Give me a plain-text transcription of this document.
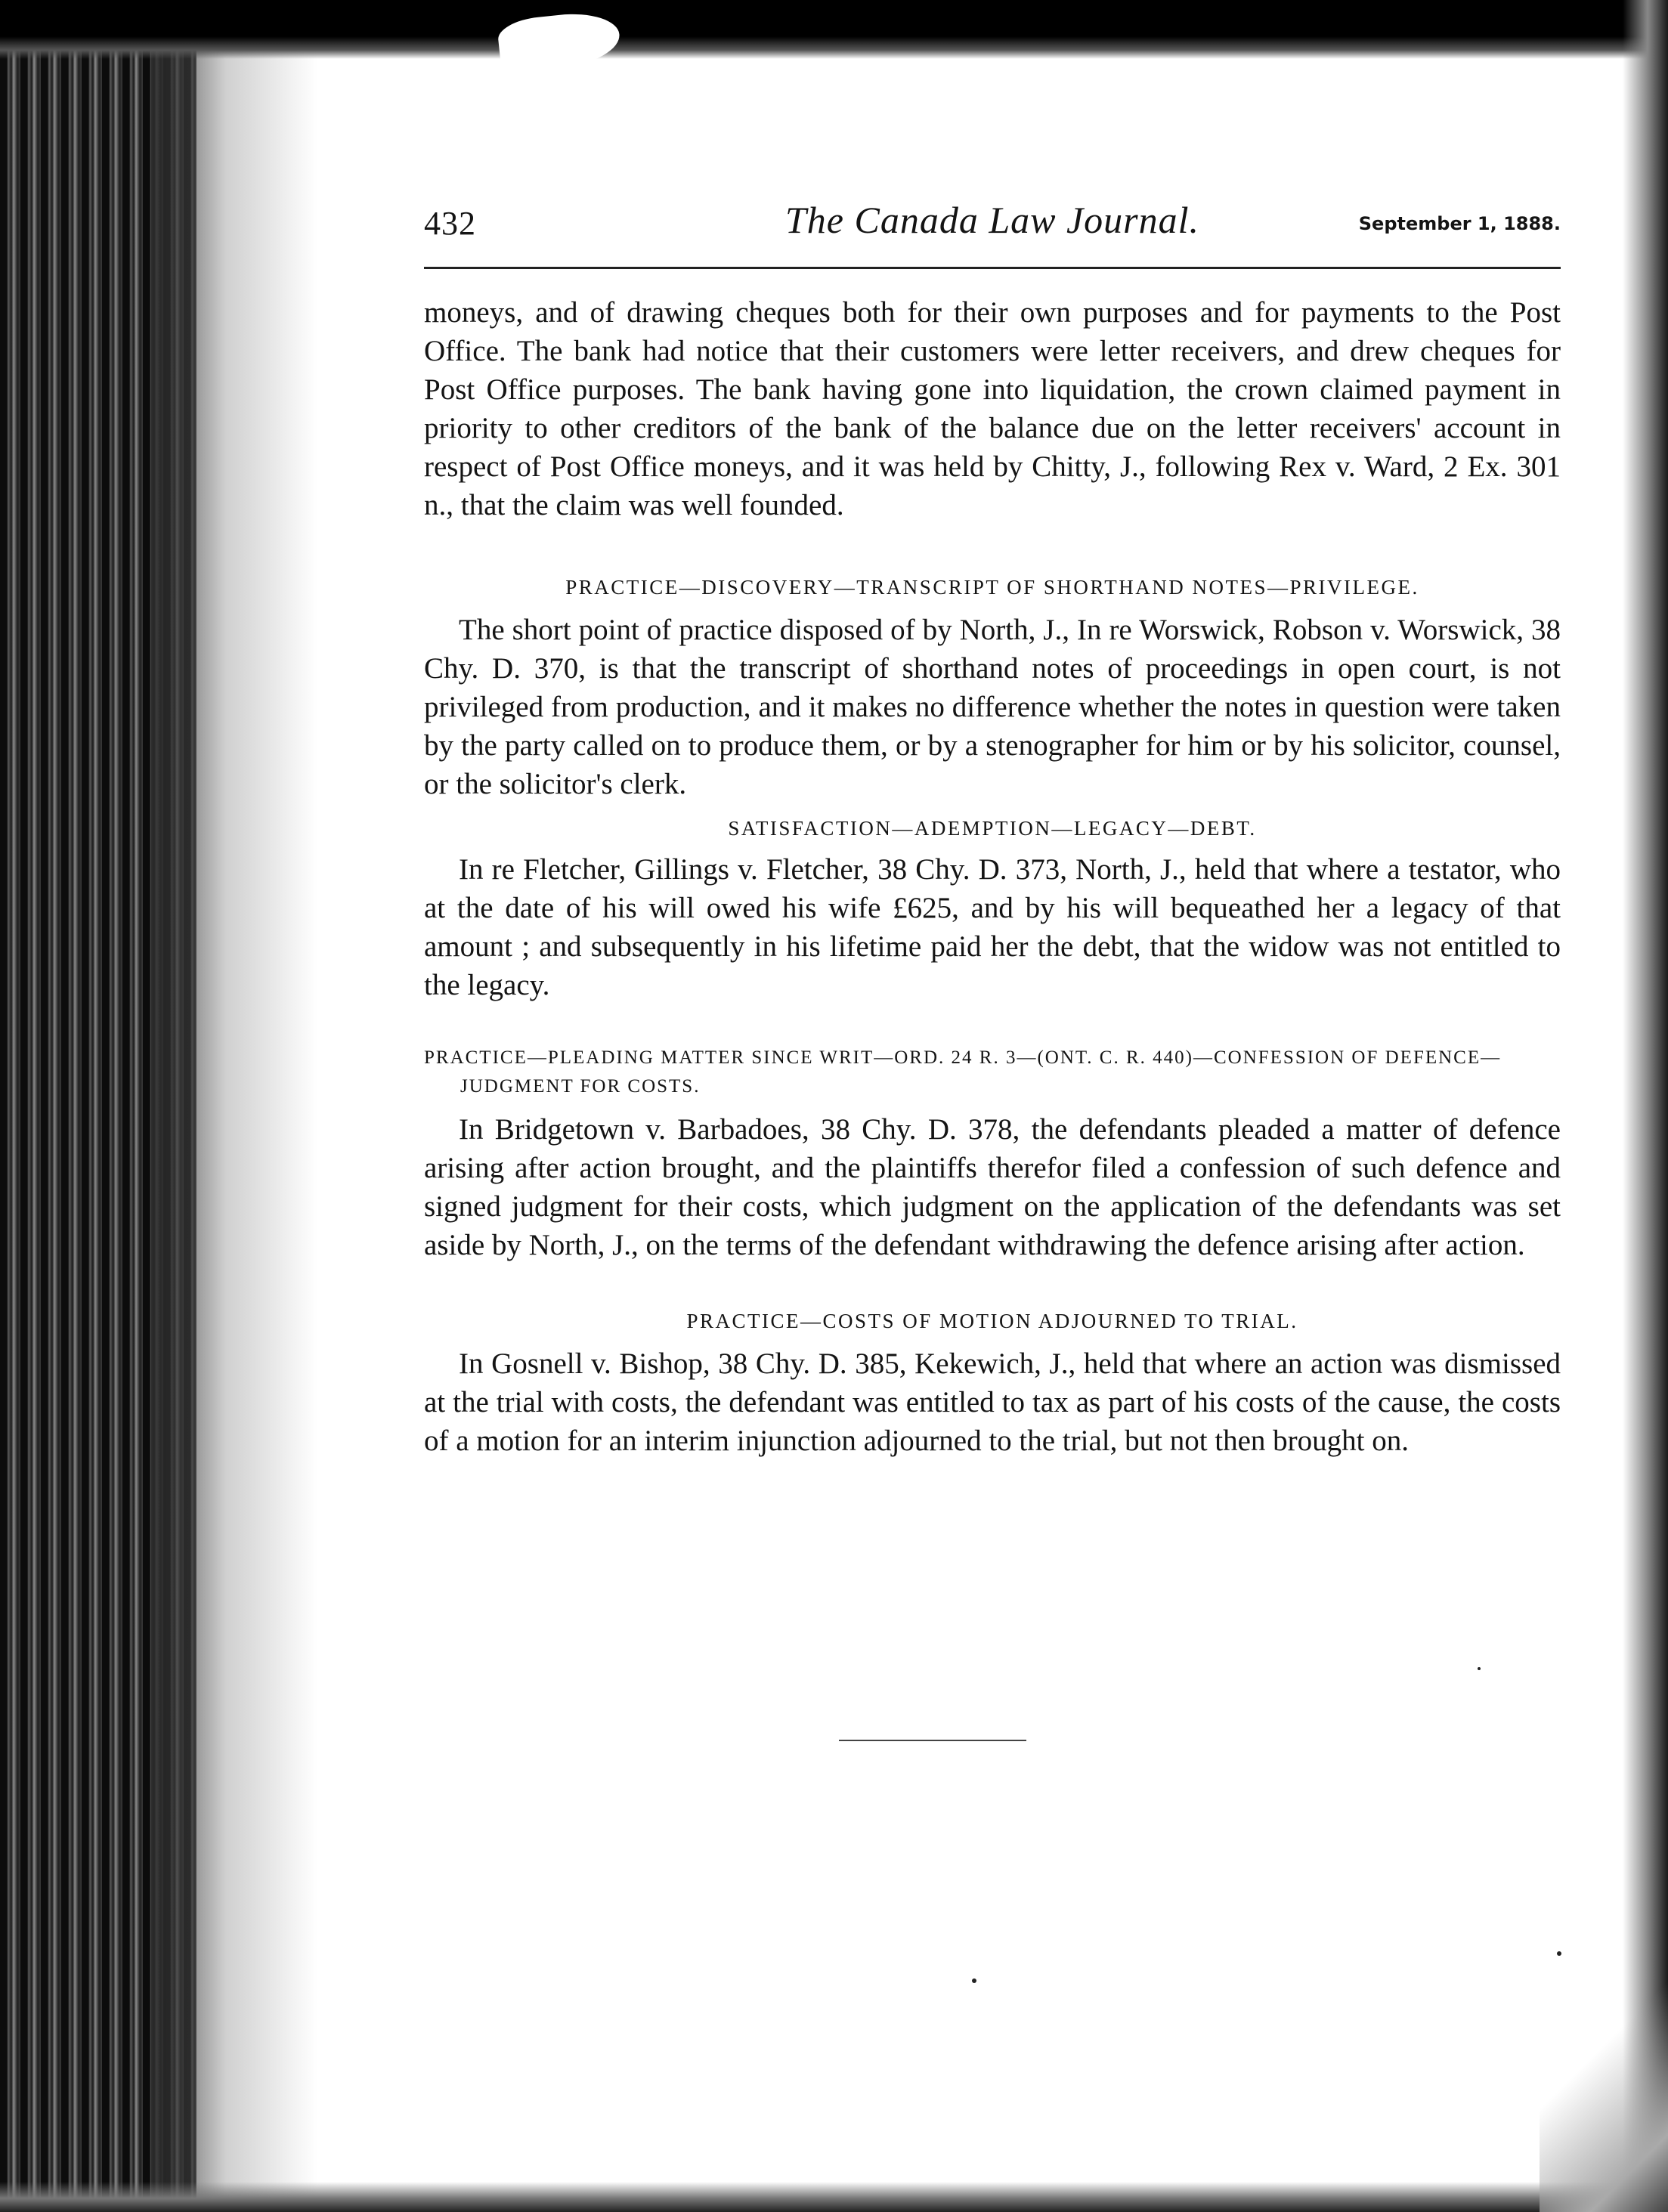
432	The Canada Law Journal.	September 1, 1888.

moneys, and of drawing cheques both for their own purposes and for payments to the Post Office. The bank had notice that their customers were letter receivers, and drew cheques for Post Office purposes. The bank having gone into liquidation, the crown claimed payment in priority to other creditors of the bank of the balance due on the letter receivers' account in respect of Post Office moneys, and it was held by Chitty, J., following Rex v. Ward, 2 Ex. 301 n., that the claim was well founded.

PRACTICE—DISCOVERY—TRANSCRIPT OF SHORTHAND NOTES—PRIVILEGE.

The short point of practice disposed of by North, J., In re Worswick, Robson v. Worswick, 38 Chy. D. 370, is that the transcript of shorthand notes of proceedings in open court, is not privileged from production, and it makes no difference whether the notes in question were taken by the party called on to produce them, or by a stenographer for him or by his solicitor, counsel, or the solicitor's clerk.

SATISFACTION—ADEMPTION—LEGACY—DEBT.

In re Fletcher, Gillings v. Fletcher, 38 Chy. D. 373, North, J., held that where a testator, who at the date of his will owed his wife £625, and by his will bequeathed her a legacy of that amount ; and subsequently in his lifetime paid her the debt, that the widow was not entitled to the legacy.

PRACTICE—PLEADING MATTER SINCE WRIT—ORD. 24 R. 3—(ONT. C. R. 440)—CONFESSION OF DEFENCE—JUDGMENT FOR COSTS.

In Bridgetown v. Barbadoes, 38 Chy. D. 378, the defendants pleaded a matter of defence arising after action brought, and the plaintiffs therefor filed a confession of such defence and signed judgment for their costs, which judgment on the application of the defendants was set aside by North, J., on the terms of the defendant withdrawing the defence arising after action.

PRACTICE—COSTS OF MOTION ADJOURNED TO TRIAL.

In Gosnell v. Bishop, 38 Chy. D. 385, Kekewich, J., held that where an action was dismissed at the trial with costs, the defendant was entitled to tax as part of his costs of the cause, the costs of a motion for an interim injunction adjourned to the trial, but not then brought on.
